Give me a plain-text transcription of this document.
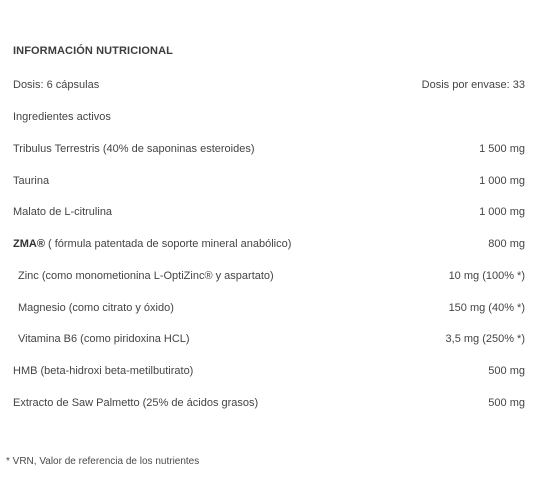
INFORMACIÓN NUTRICIONAL
Dosis: 6 cápsulas	Dosis por envase: 33
Ingredientes activos
Tribulus Terrestris (40% de saponinas esteroides)	1 500 mg
Taurina	1 000 mg
Malato de L-citrulina	1 000 mg
ZMA® ( fórmula patentada de soporte mineral anabólico)	800 mg
Zinc (como monometionina L-OptiZinc® y aspartato)	10 mg (100% *)
Magnesio (como citrato y óxido)	150 mg (40% *)
Vitamina B6 (como piridoxina HCL)	3,5 mg (250% *)
HMB (beta-hidroxi beta-metilbutirato)	500 mg
Extracto de Saw Palmetto (25% de ácidos grasos)	500 mg
* VRN, Valor de referencia de los nutrientes
